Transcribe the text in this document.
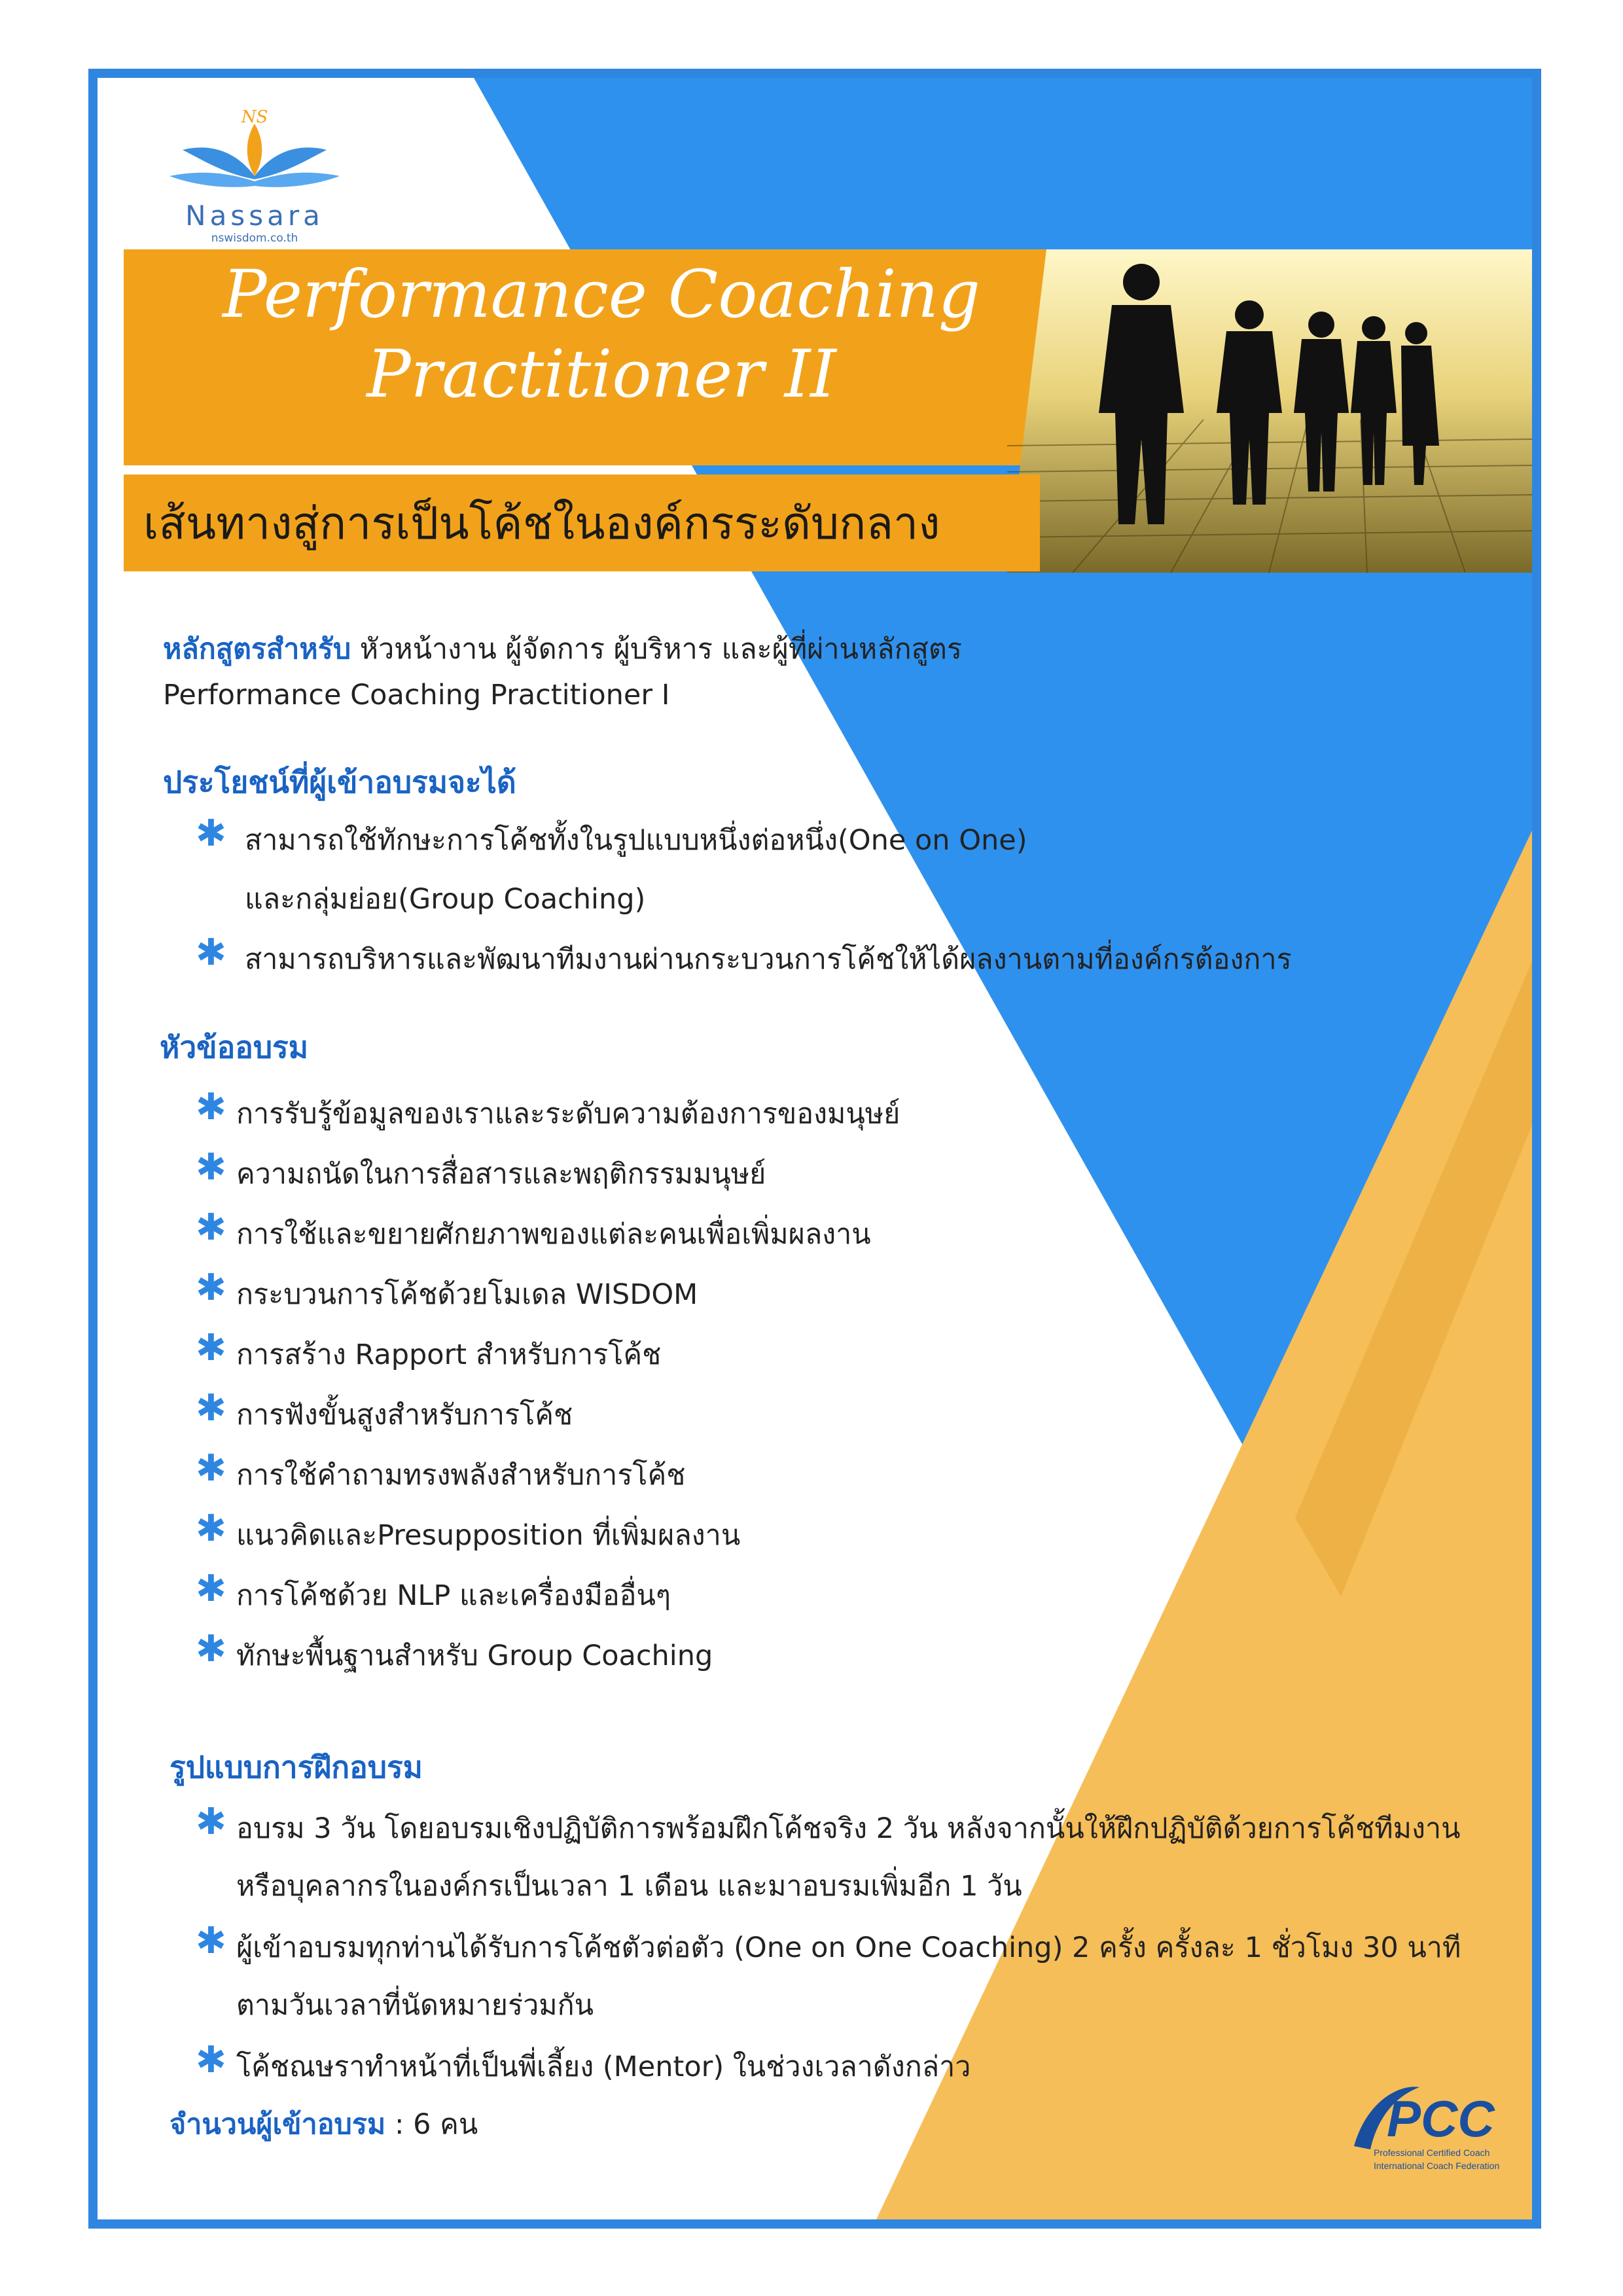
NS
Nassara
nswisdom.co.th
Performance Coaching
Practitioner II
เส้นทางสู่การเป็นโค้ชในองค์กรระดับกลาง
หลักสูตรสำหรับ หัวหน้างาน ผู้จัดการ ผู้บริหาร และผู้ที่ผ่านหลักสูตร
Performance Coaching Practitioner I
ประโยชน์ที่ผู้เข้าอบรมจะได้
✱ สามารถใช้ทักษะการโค้ชทั้งในรูปแบบหนึ่งต่อหนึ่ง(One on One)
และกลุ่มย่อย(Group Coaching)
✱ สามารถบริหารและพัฒนาทีมงานผ่านกระบวนการโค้ชให้ได้ผลงานตามที่องค์กรต้องการ
หัวข้ออบรม
✱ การรับรู้ข้อมูลของเราและระดับความต้องการของมนุษย์
✱ ความถนัดในการสื่อสารและพฤติกรรมมนุษย์
✱ การใช้และขยายศักยภาพของแต่ละคนเพื่อเพิ่มผลงาน
✱ กระบวนการโค้ชด้วยโมเดล WISDOM
✱ การสร้าง Rapport สำหรับการโค้ช
✱ การฟังขั้นสูงสำหรับการโค้ช
✱ การใช้คำถามทรงพลังสำหรับการโค้ช
✱ แนวคิดและPresupposition ที่เพิ่มผลงาน
✱ การโค้ชด้วย NLP และเครื่องมืออื่นๆ
✱ ทักษะพื้นฐานสำหรับ Group Coaching
รูปแบบการฝึกอบรม
✱ อบรม 3 วัน โดยอบรมเชิงปฏิบัติการพร้อมฝึกโค้ชจริง 2 วัน หลังจากนั้นให้ฝึกปฏิบัติด้วยการโค้ชทีมงาน
หรือบุคลากรในองค์กรเป็นเวลา 1 เดือน และมาอบรมเพิ่มอีก 1 วัน
✱ ผู้เข้าอบรมทุกท่านได้รับการโค้ชตัวต่อตัว (One on One Coaching) 2 ครั้ง ครั้งละ 1 ชั่วโมง 30 นาที
ตามวันเวลาที่นัดหมายร่วมกัน
✱ โค้ชณษราทำหน้าที่เป็นพี่เลี้ยง (Mentor) ในช่วงเวลาดังกล่าว
จำนวนผู้เข้าอบรม : 6 คน	PCC
Professional Certified Coach
International Coach Federation
